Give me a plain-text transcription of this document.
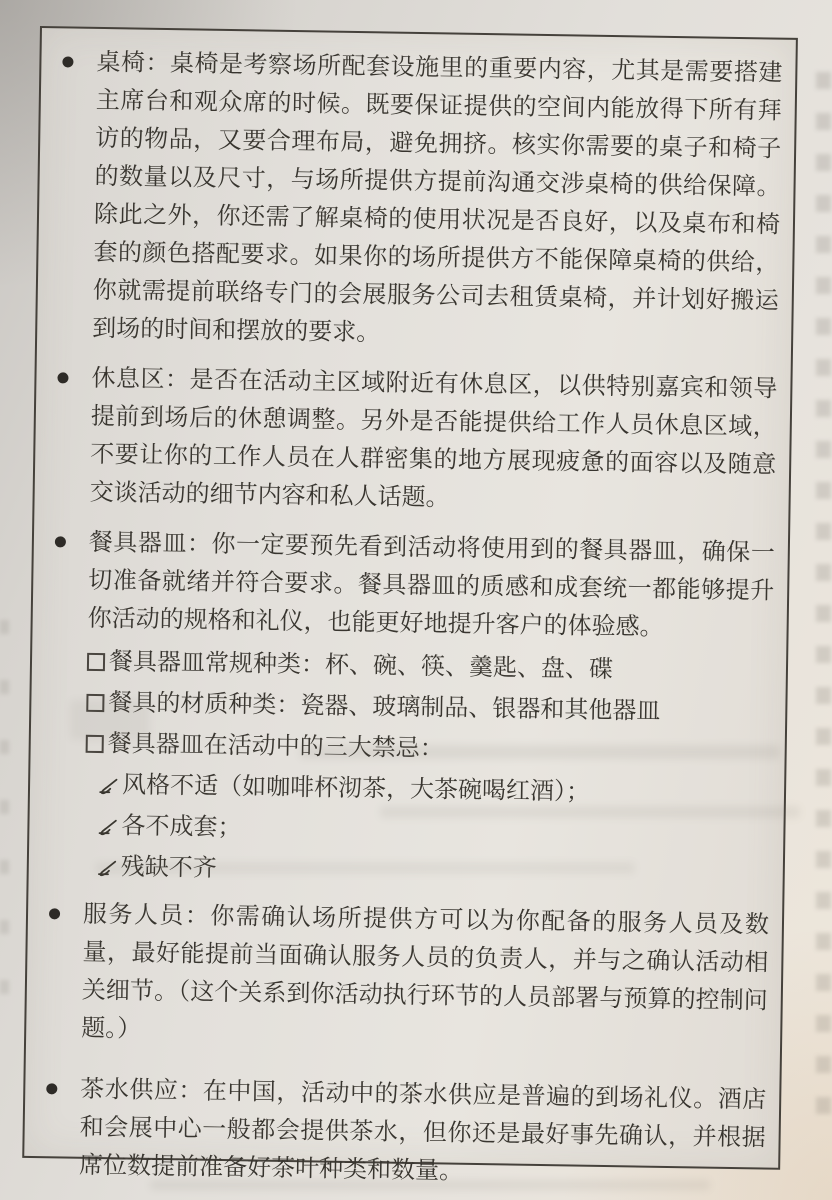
桌椅：桌椅是考察场所配套设施里的重要内容，尤其是需要搭建主席台和观众席的时候。既要保证提供的空间内能放得下所有拜访的物品，又要合理布局，避免拥挤。核实你需要的桌子和椅子的数量以及尺寸，与场所提供方提前沟通交涉桌椅的供给保障。除此之外，你还需了解桌椅的使用状况是否良好，以及桌布和椅套的颜色搭配要求。如果你的场所提供方不能保障桌椅的供给，你就需提前联络专门的会展服务公司去租赁桌椅，并计划好搬运到场的时间和摆放的要求。
休息区：是否在活动主区域附近有休息区，以供特别嘉宾和领导提前到场后的休憩调整。另外是否能提供给工作人员休息区域，不要让你的工作人员在人群密集的地方展现疲惫的面容以及随意交谈活动的细节内容和私人话题。
餐具器皿：你一定要预先看到活动将使用到的餐具器皿，确保一切准备就绪并符合要求。餐具器皿的质感和成套统一都能够提升你活动的规格和礼仪，也能更好地提升客户的体验感。
餐具器皿常规种类：杯、碗、筷、羹匙、盘、碟
餐具的材质种类：瓷器、玻璃制品、银器和其他器皿
餐具器皿在活动中的三大禁忌：
风格不适（如咖啡杯沏茶，大茶碗喝红酒）；
各不成套；
残缺不齐
服务人员：你需确认场所提供方可以为你配备的服务人员及数量，最好能提前当面确认服务人员的负责人，并与之确认活动相关细节。（这个关系到你活动执行环节的人员部署与预算的控制问题。）
茶水供应：在中国，活动中的茶水供应是普遍的到场礼仪。酒店和会展中心一般都会提供茶水，但你还是最好事先确认，并根据席位数提前准备好茶叶种类和数量。
